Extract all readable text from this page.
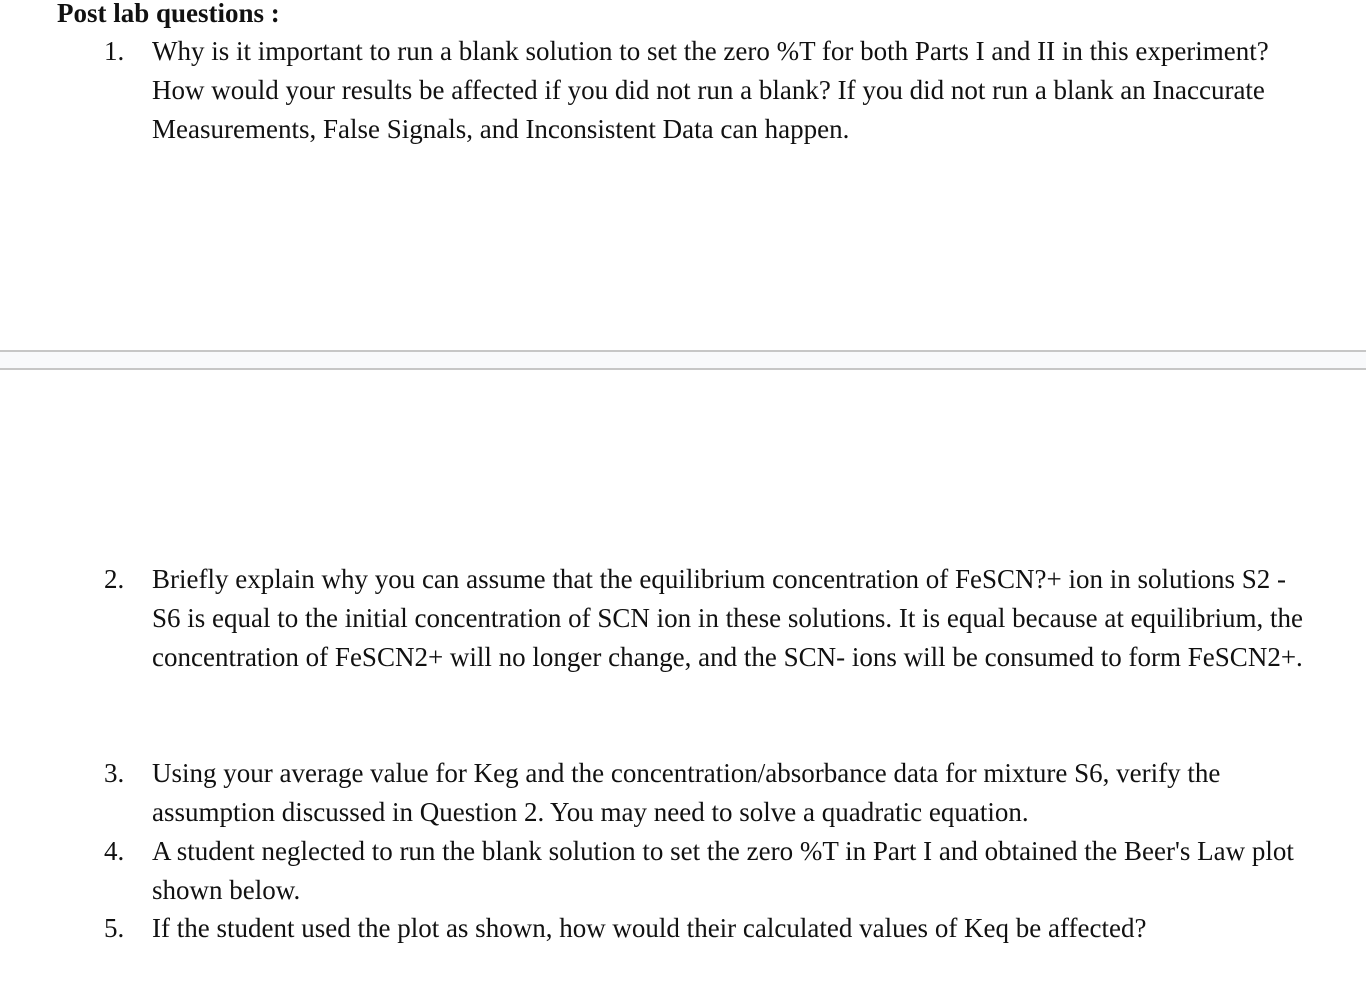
Post lab questions :
1.	Why is it important to run a blank solution to set the zero %T for both Parts I and II in this experiment? How would your results be affected if you did not run a blank? If you did not run a blank an Inaccurate Measurements, False Signals, and Inconsistent Data can happen.
2.	Briefly explain why you can assume that the equilibrium concentration of FeSCN?+ ion in solutions S2 - S6 is equal to the initial concentration of SCN ion in these solutions. It is equal because at equilibrium, the concentration of FeSCN2+ will no longer change, and the SCN- ions will be consumed to form FeSCN2+.
3.	Using your average value for Keg and the concentration/absorbance data for mixture S6, verify the assumption discussed in Question 2. You may need to solve a quadratic equation.
4.	A student neglected to run the blank solution to set the zero %T in Part I and obtained the Beer's Law plot shown below.
5.	If the student used the plot as shown, how would their calculated values of Keq be affected?
